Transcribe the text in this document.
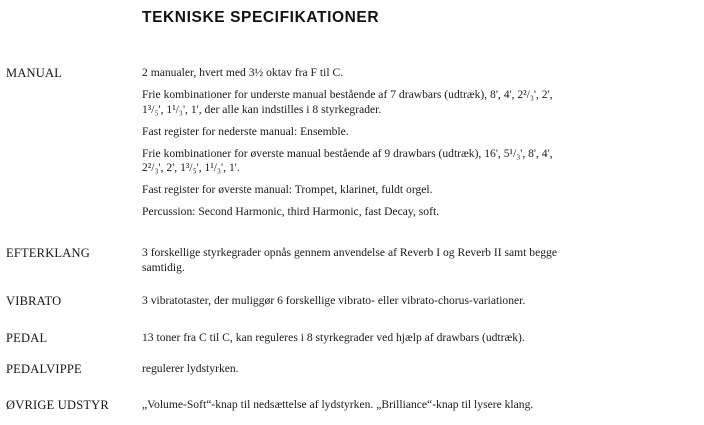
TEKNISKE SPECIFIKATIONER
MANUAL	2 manualer, hvert med 3½ oktav fra F til C.
Frie kombinationer for underste manual bestående af 7 drawbars (udtræk), 8', 4', 2²/₃', 2',
1³/₅', 1¹/₃', 1', der alle kan indstilles i 8 styrkegrader.
Fast register for nederste manual: Ensemble.
Frie kombinationer for øverste manual bestående af 9 drawbars (udtræk), 16', 5¹/₃', 8', 4',
2²/₃', 2', 1³/₅', 1¹/₃', 1'.
Fast register for øverste manual: Trompet, klarinet, fuldt orgel.
Percussion: Second Harmonic, third Harmonic, fast Decay, soft.
EFTERKLANG	3 forskellige styrkegrader opnås gennem anvendelse af Reverb I og Reverb II samt begge
samtidig.
VIBRATO	3 vibratotaster, der muliggør 6 forskellige vibrato- eller vibrato-chorus-variationer.
PEDAL	13 toner fra C til C, kan reguleres i 8 styrkegrader ved hjælp af drawbars (udtræk).
PEDALVIPPE	regulerer lydstyrken.
ØVRIGE UDSTYR	„Volume-Soft“-knap til nedsættelse af lydstyrken. „Brilliance“-knap til lysere klang.
